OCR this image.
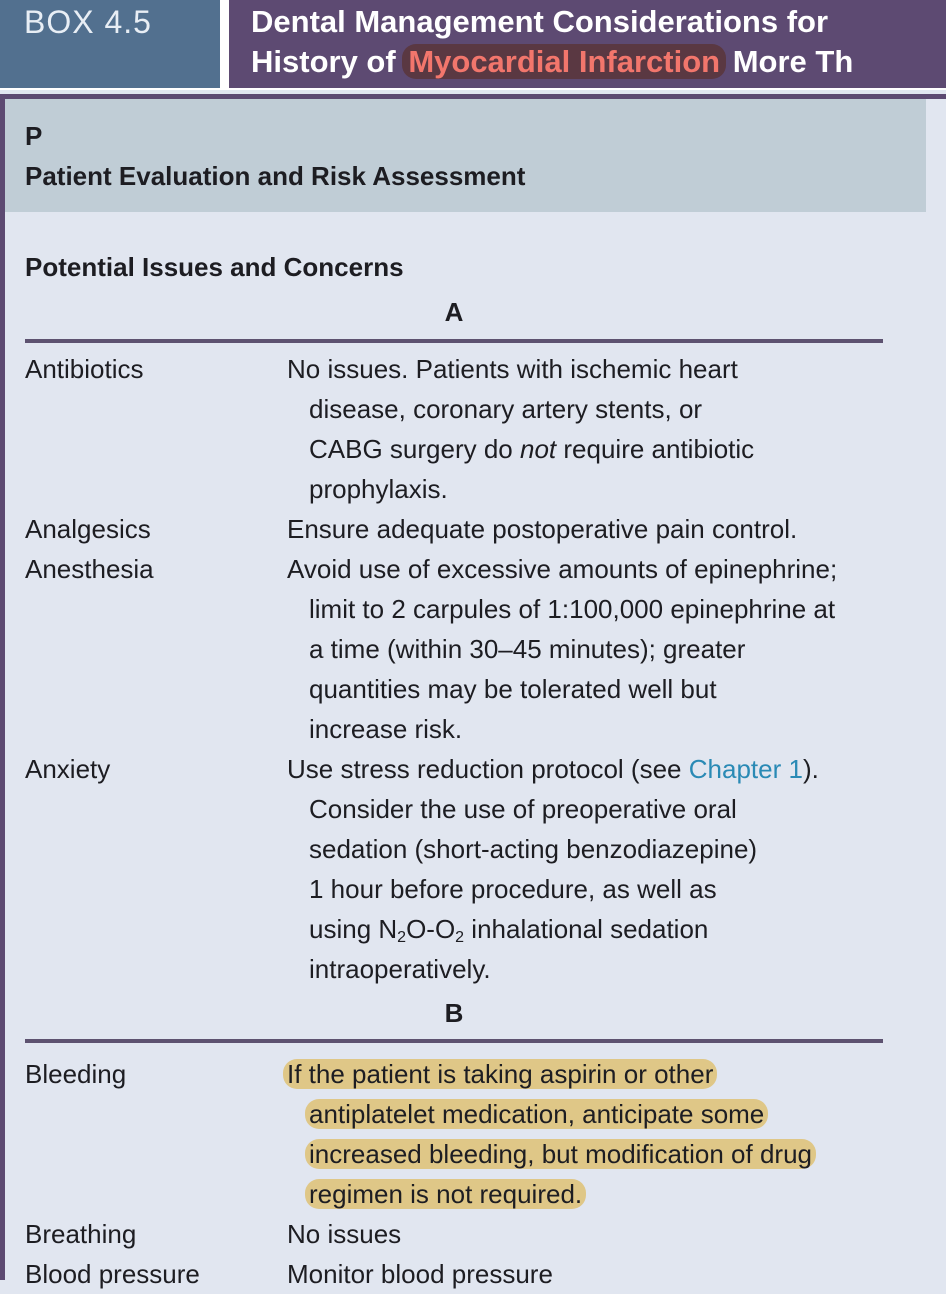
BOX 4.5	Dental Management Considerations for
History of Myocardial Infarction More Th
P
Patient Evaluation and Risk Assessment
Potential Issues and Concerns
A
Antibiotics	No issues. Patients with ischemic heart
disease, coronary artery stents, or
CABG surgery do not require antibiotic
prophylaxis.
Analgesics	Ensure adequate postoperative pain control.
Anesthesia	Avoid use of excessive amounts of epinephrine;
limit to 2 carpules of 1:100,000 epinephrine at
a time (within 30–45 minutes); greater
quantities may be tolerated well but
increase risk.
Anxiety	Use stress reduction protocol (see Chapter 1).
Consider the use of preoperative oral
sedation (short-acting benzodiazepine)
1 hour before procedure, as well as
using $N_2O-O_2$ inhalational sedation
intraoperatively.
B
Bleeding	If the patient is taking aspirin or other
antiplatelet medication, anticipate some
increased bleeding, but modification of drug
regimen is not required.
Breathing	No issues
Blood pressure	Monitor blood pressure
